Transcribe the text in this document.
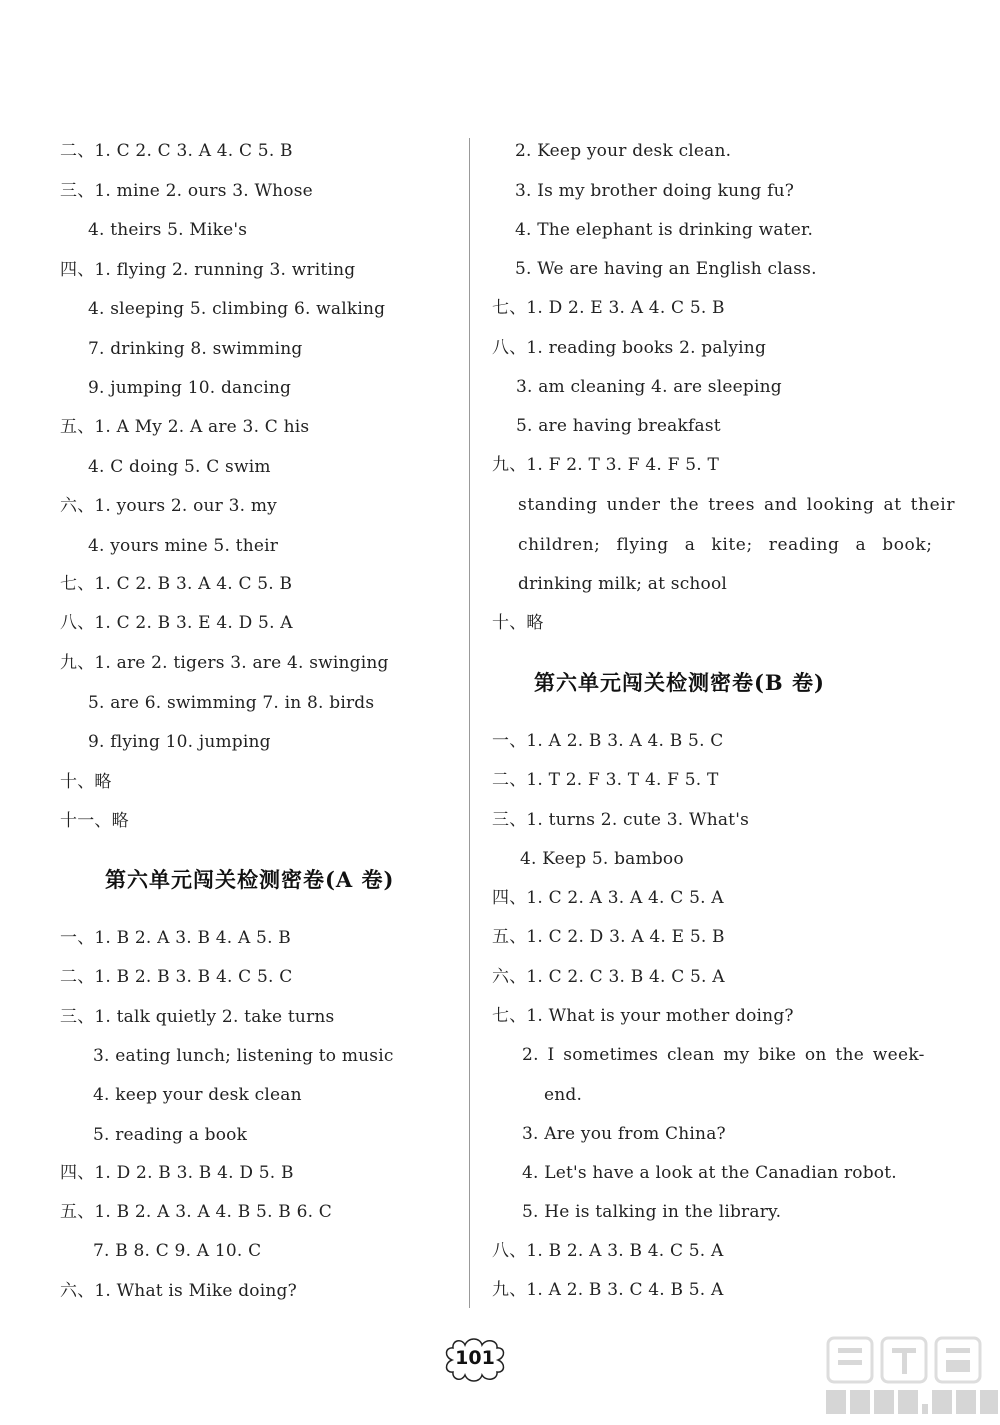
二、1. C 2. C 3. A 4. C 5. B
三、1. mine 2. ours 3. Whose
4. theirs 5. Mike's
四、1. flying 2. running 3. writing
4. sleeping 5. climbing 6. walking
7. drinking 8. swimming
9. jumping 10. dancing
五、1. A My 2. A are 3. C his
4. C doing 5. C swim
六、1. yours 2. our 3. my
4. yours mine 5. their
七、1. C 2. B 3. A 4. C 5. B
八、1. C 2. B 3. E 4. D 5. A
九、1. are 2. tigers 3. are 4. swinging
5. are 6. swimming 7. in 8. birds
9. flying 10. jumping
十、略
十一、略
第六单元闯关检测密卷(A 卷)
一、1. B 2. A 3. B 4. A 5. B
二、1. B 2. B 3. B 4. C 5. C
三、1. talk quietly 2. take turns
3. eating lunch; listening to music
4. keep your desk clean
5. reading a book
四、1. D 2. B 3. B 4. D 5. B
五、1. B 2. A 3. A 4. B 5. B 6. C
7. B 8. C 9. A 10. C
六、1. What is Mike doing?
2. Keep your desk clean.
3. Is my brother doing kung fu?
4. The elephant is drinking water.
5. We are having an English class.
七、1. D 2. E 3. A 4. C 5. B
八、1. reading books 2. palying
3. am cleaning 4. are sleeping
5. are having breakfast
九、1. F 2. T 3. F 4. F 5. T
standing under the trees and looking at their
children; flying a kite; reading a book;
drinking milk; at school
十、略
第六单元闯关检测密卷(B 卷)
一、1. A 2. B 3. A 4. B 5. C
二、1. T 2. F 3. T 4. F 5. T
三、1. turns 2. cute 3. What's
4. Keep 5. bamboo
四、1. C 2. A 3. A 4. C 5. A
五、1. C 2. D 3. A 4. E 5. B
六、1. C 2. C 3. B 4. C 5. A
七、1. What is your mother doing?
2. I sometimes clean my bike on the week-
end.
3. Are you from China?
4. Let's have a look at the Canadian robot.
5. He is talking in the library.
八、1. B 2. A 3. B 4. C 5. A
九、1. A 2. B 3. C 4. B 5. A
101
